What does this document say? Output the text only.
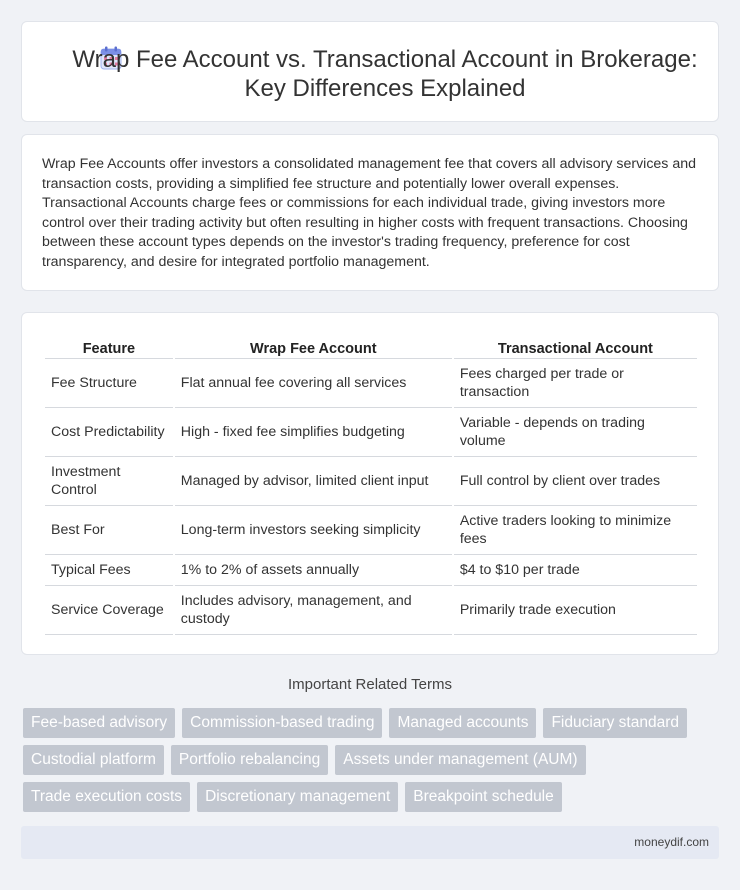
Wrap Fee Account vs. Transactional Account in Brokerage: Key Differences Explained

Wrap Fee Accounts offer investors a consolidated management fee that covers all advisory services and transaction costs, providing a simplified fee structure and potentially lower overall expenses. Transactional Accounts charge fees or commissions for each individual trade, giving investors more control over their trading activity but often resulting in higher costs with frequent transactions. Choosing between these account types depends on the investor's trading frequency, preference for cost transparency, and desire for integrated portfolio management.

Feature	Wrap Fee Account	Transactional Account
Fee Structure	Flat annual fee covering all services	Fees charged per trade or transaction
Cost Predictability	High - fixed fee simplifies budgeting	Variable - depends on trading volume
Investment Control	Managed by advisor, limited client input	Full control by client over trades
Best For	Long-term investors seeking simplicity	Active traders looking to minimize fees
Typical Fees	1% to 2% of assets annually	$4 to $10 per trade
Service Coverage	Includes advisory, management, and custody	Primarily trade execution
Important Related Terms
Fee-based advisory	Commission-based trading	Managed accounts	Fiduciary standard
Custodial platform	Portfolio rebalancing	Assets under management (AUM)
Trade execution costs	Discretionary management	Breakpoint schedule
moneydif.com
